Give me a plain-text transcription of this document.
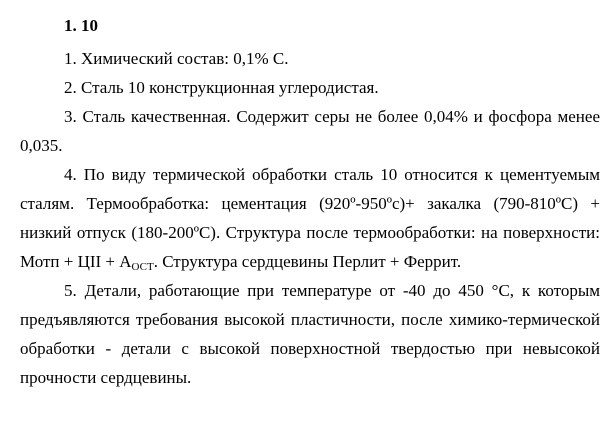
1. 10

1. Химический состав: 0,1% С.

2. Сталь 10 конструкционная углеродистая.

3. Сталь качественная. Содержит серы не более 0,04% и фосфора менее 0,035.

4. По виду термической обработки сталь 10 относится к цементуемым сталям. Термообработка: цементация (920º-950ºс)+ закалка (790-810ºС) + низкий отпуск (180-200ºС). Структура после термообработки: на поверхности: Мотп + ЦII + $А_{ОСТ}$. Структура сердцевины Перлит + Феррит.

5. Детали, работающие при температуре от -40 до 450 °С, к которым предъявляются требования высокой пластичности, после химико-термической обработки - детали с высокой поверхностной твердостью при невысокой прочности сердцевины.
